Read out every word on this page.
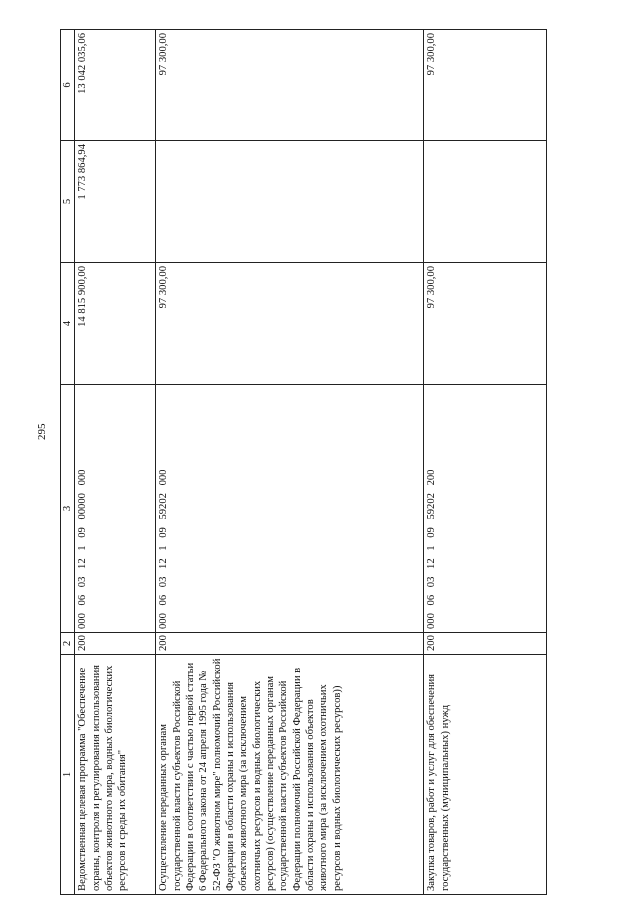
295
1	2	3	4	5	6
Ведомственная целевая программа "Обеспечение охраны, контроля и регулирования использования объектов животного мира, водных биологических ресурсов и среды их обитания"	200	000 06 03 12 1 09 00000 000	14 815 900,00	1 773 864,94	13 042 035,06
Осуществление переданных органам государственной власти субъектов Российской Федерации в соответствии с частью первой статьи 6 Федерального закона от 24 апреля 1995 года № 52-ФЗ "О животном мире" полномочий Российской Федерации в области охраны и использования объектов животного мира (за исключением охотничьих ресурсов и водных биологических ресурсов) (осуществление переданных органам государственной власти субъектов Российской Федерации полномочий Российской Федерации в области охраны и использования объектов животного мира (за исключением охотничьих ресурсов и водных биологических ресурсов))	200	000 06 03 12 1 09 59202 000	97 300,00		97 300,00
Закупка товаров, работ и услуг для обеспечения государственных (муниципальных) нужд	200	000 06 03 12 1 09 59202 200	97 300,00		97 300,00
